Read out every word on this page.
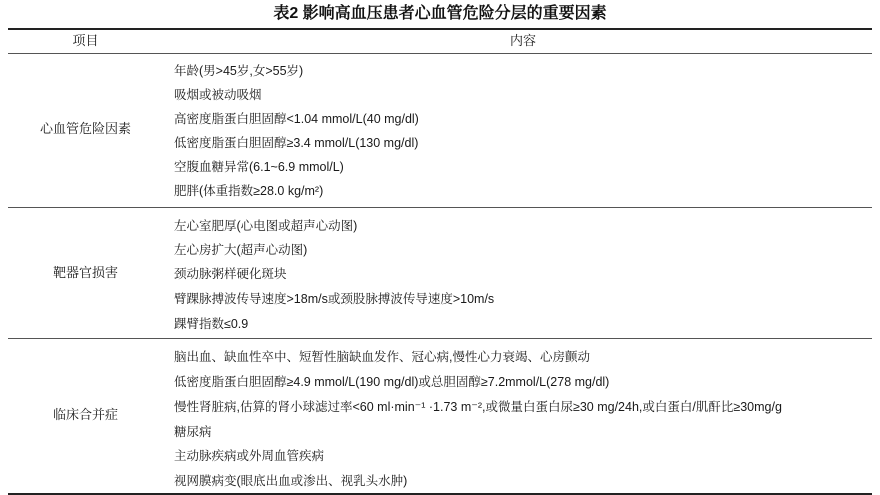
表2 影响高血压患者心血管危险分层的重要因素
项目	内容
心血管危险因素
年龄(男>45岁,女>55岁)
吸烟或被动吸烟
高密度脂蛋白胆固醇<1.04 mmol/L(40 mg/dl)
低密度脂蛋白胆固醇≥3.4 mmol/L(130 mg/dl)
空腹血糖异常(6.1~6.9 mmol/L)
肥胖(体重指数≥28.0 kg/m²)
靶器官损害
左心室肥厚(心电图或超声心动图)
左心房扩大(超声心动图)
颈动脉粥样硬化斑块
臂踝脉搏波传导速度>18m/s或颈股脉搏波传导速度>10m/s
踝臂指数≤0.9
临床合并症
脑出血、缺血性卒中、短暂性脑缺血发作、冠心病,慢性心力衰竭、心房颤动
低密度脂蛋白胆固醇≥4.9 mmol/L(190 mg/dl)或总胆固醇≥7.2mmol/L(278 mg/dl)
慢性肾脏病,估算的肾小球滤过率<60 ml·min⁻¹ ·1.73 m⁻²,或微量白蛋白尿≥30 mg/24h,或白蛋白/肌酐比≥30mg/g
糖尿病
主动脉疾病或外周血管疾病
视网膜病变(眼底出血或渗出、视乳头水肿)
